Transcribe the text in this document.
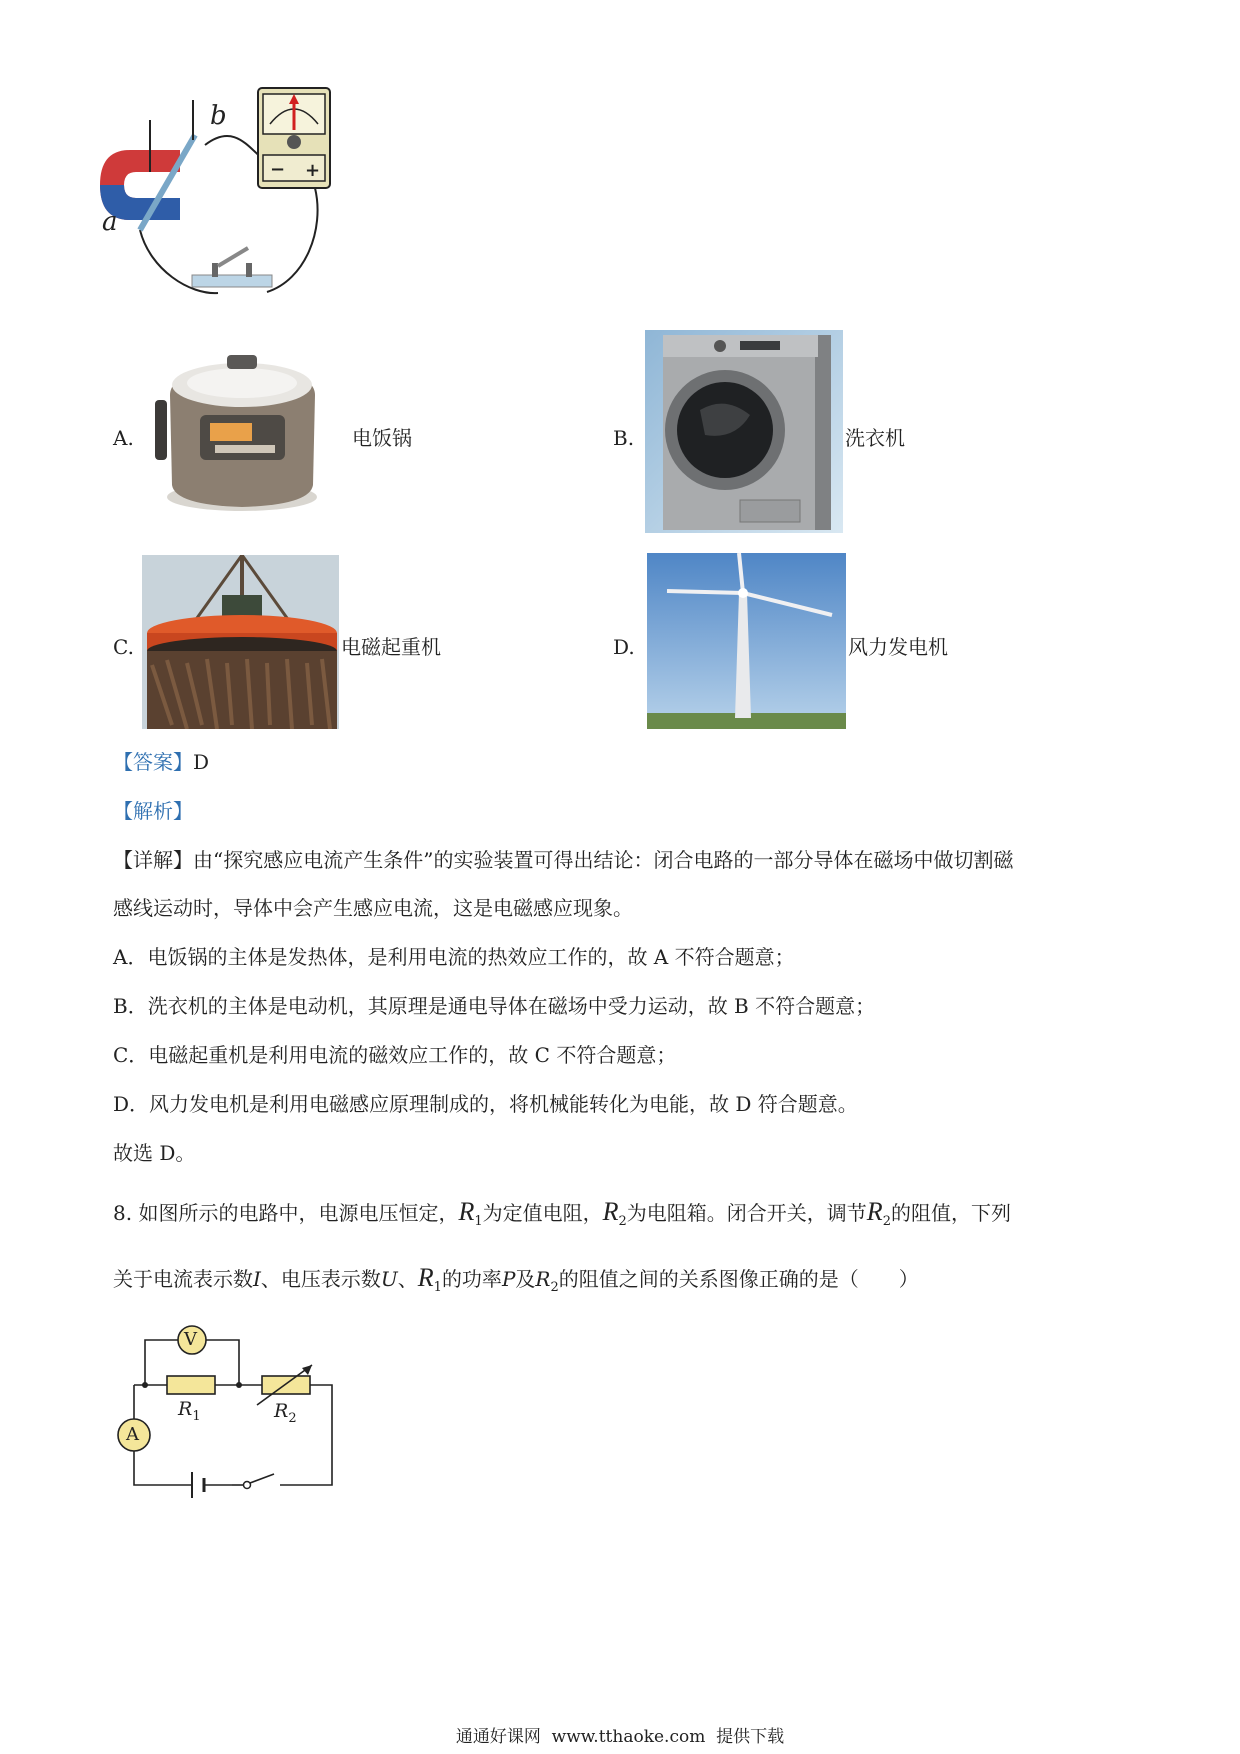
− +
a
b
A.	电饭锅	B.	洗衣机
C.	电磁起重机	D.	风力发电机
【答案】D
【解析】
【详解】由“探究感应电流产生条件”的实验装置可得出结论：闭合电路的一部分导体在磁场中做切割磁
感线运动时，导体中会产生感应电流，这是电磁感应现象。
A．电饭锅的主体是发热体，是利用电流的热效应工作的，故 A 不符合题意；
B．洗衣机的主体是电动机，其原理是通电导体在磁场中受力运动，故 B 不符合题意；
C．电磁起重机是利用电流的磁效应工作的，故 C 不符合题意；
D．风力发电机是利用电磁感应原理制成的，将机械能转化为电能，故 D 符合题意。
故选 D。
8. 如图所示的电路中，电源电压恒定，$R_1$为定值电阻，$R_2$为电阻箱。闭合开关，调节$R_2$的阻值，下列
关于电流表示数I、电压表示数U、$R_1$的功率P及$R_2$的阻值之间的关系图像正确的是（　　）
V
A
$R_1$	$R_2$
通通好课网  www.tthaoke.com  提供下载
